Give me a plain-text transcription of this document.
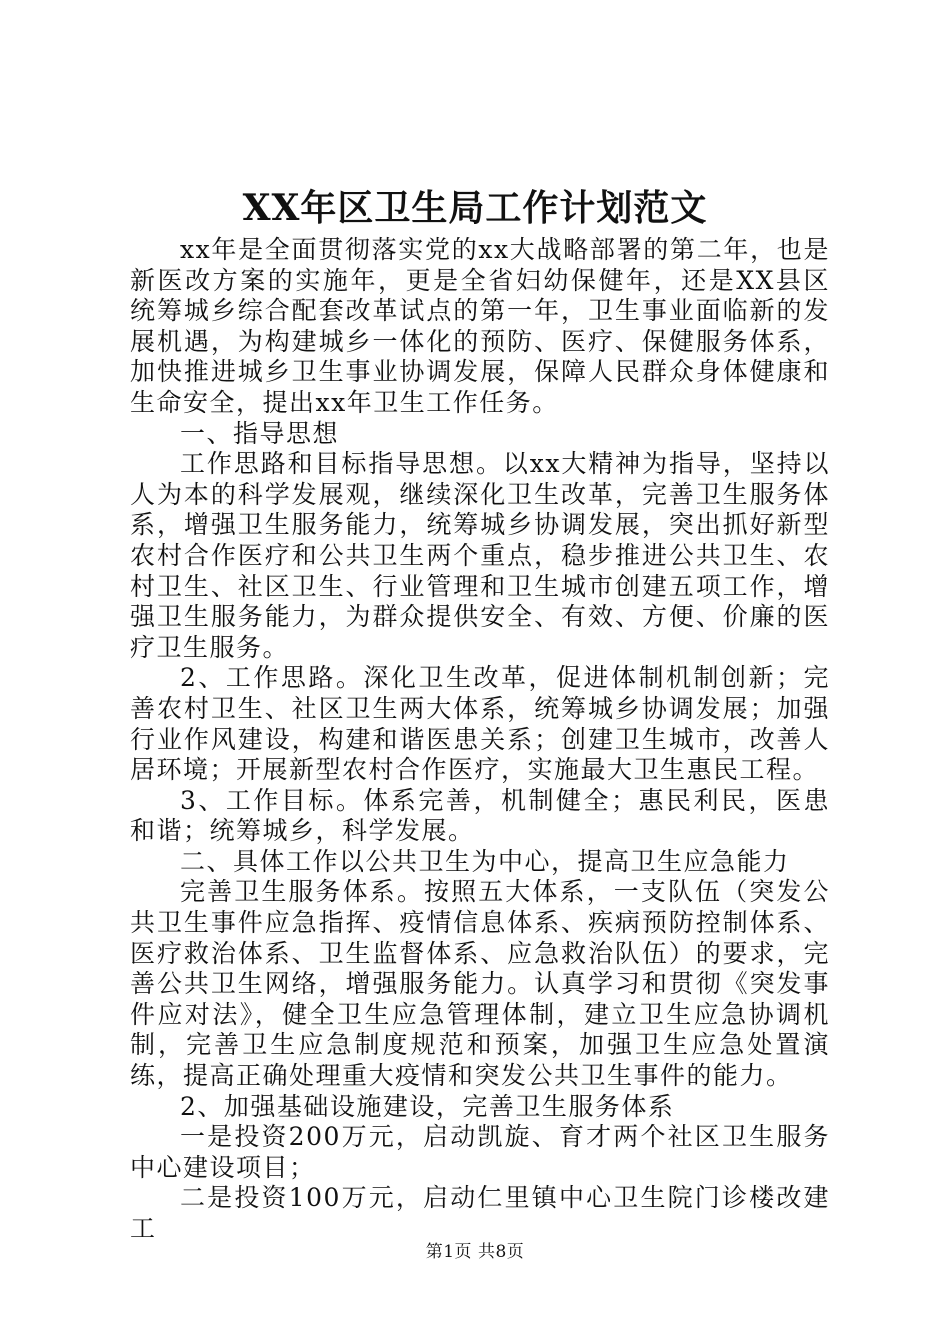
XX年区卫生局工作计划范文

xx年是全面贯彻落实党的xx大战略部署的第二年，也是新医改方案的实施年，更是全省妇幼保健年，还是XX县区统筹城乡综合配套改革试点的第一年，卫生事业面临新的发展机遇，为构建城乡一体化的预防、医疗、保健服务体系，加快推进城乡卫生事业协调发展，保障人民群众身体健康和生命安全，提出xx年卫生工作任务。

一、指导思想

工作思路和目标指导思想。以xx大精神为指导，坚持以人为本的科学发展观，继续深化卫生改革，完善卫生服务体系，增强卫生服务能力，统筹城乡协调发展，突出抓好新型农村合作医疗和公共卫生两个重点，稳步推进公共卫生、农村卫生、社区卫生、行业管理和卫生城市创建五项工作，增强卫生服务能力，为群众提供安全、有效、方便、价廉的医疗卫生服务。

2、工作思路。深化卫生改革，促进体制机制创新；完善农村卫生、社区卫生两大体系，统筹城乡协调发展；加强行业作风建设，构建和谐医患关系；创建卫生城市，改善人居环境；开展新型农村合作医疗，实施最大卫生惠民工程。

3、工作目标。体系完善，机制健全；惠民利民，医患和谐；统筹城乡，科学发展。

二、具体工作以公共卫生为中心，提高卫生应急能力

完善卫生服务体系。按照五大体系，一支队伍（突发公共卫生事件应急指挥、疫情信息体系、疾病预防控制体系、医疗救治体系、卫生监督体系、应急救治队伍）的要求，完善公共卫生网络，增强服务能力。认真学习和贯彻《突发事件应对法》，健全卫生应急管理体制，建立卫生应急协调机制，完善卫生应急制度规范和预案，加强卫生应急处置演练，提高正确处理重大疫情和突发公共卫生事件的能力。

2、加强基础设施建设，完善卫生服务体系

一是投资200万元，启动凯旋、育才两个社区卫生服务中心建设项目；

二是投资100万元，启动仁里镇中心卫生院门诊楼改建工

第1页 共8页
